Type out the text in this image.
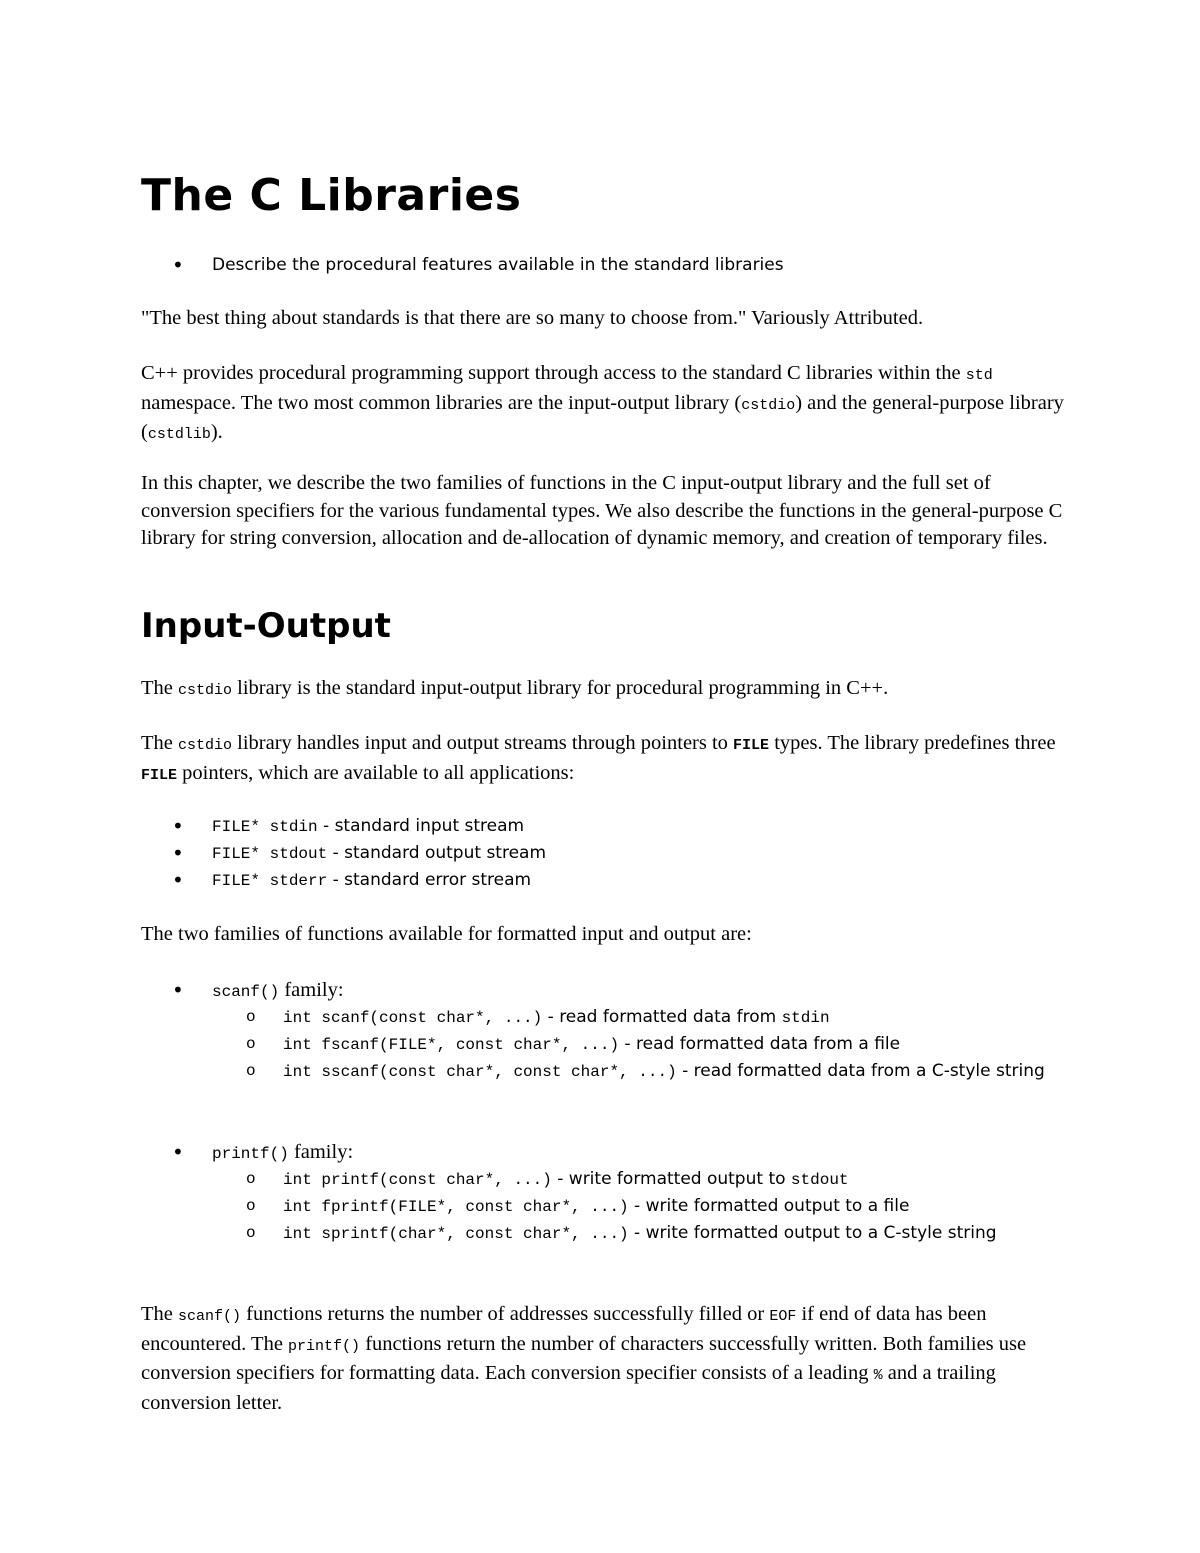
The C Libraries
• Describe the procedural features available in the standard libraries

"The best thing about standards is that there are so many to choose from." Variously Attributed.

C++ provides procedural programming support through access to the standard C libraries within the std namespace. The two most common libraries are the input-output library (cstdio) and the general-purpose library (cstdlib).

In this chapter, we describe the two families of functions in the C input-output library and the full set of conversion specifiers for the various fundamental types. We also describe the functions in the general-purpose C library for string conversion, allocation and de-allocation of dynamic memory, and creation of temporary files.

Input-Output

The cstdio library is the standard input-output library for procedural programming in C++.

The cstdio library handles input and output streams through pointers to FILE types. The library predefines three FILE pointers, which are available to all applications:

• FILE* stdin - standard input stream
• FILE* stdout - standard output stream
• FILE* stderr - standard error stream

The two families of functions available for formatted input and output are:

• scanf() family:
o int scanf(const char*, ...) - read formatted data from stdin
o int fscanf(FILE*, const char*, ...) - read formatted data from a file
o int sscanf(const char*, const char*, ...) - read formatted data from a C-style string
• printf() family:
o int printf(const char*, ...) - write formatted output to stdout
o int fprintf(FILE*, const char*, ...) - write formatted output to a file
o int sprintf(char*, const char*, ...) - write formatted output to a C-style string

The scanf() functions returns the number of addresses successfully filled or EOF if end of data has been encountered. The printf() functions return the number of characters successfully written. Both families use conversion specifiers for formatting data. Each conversion specifier consists of a leading % and a trailing conversion letter.
